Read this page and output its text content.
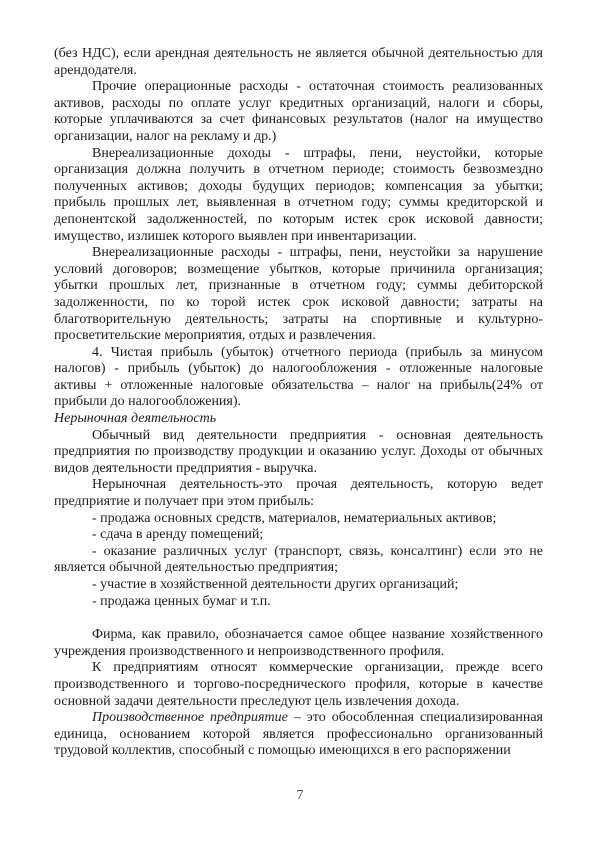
(без НДС), если арендная деятельность не является обычной деятельностью для арендодателя.

Прочие операционные расходы - остаточная стоимость реализованных активов, расходы по оплате услуг кредитных организаций, налоги и сборы, которые уплачиваются за счет финансовых результатов (налог на имущество организации, налог на рекламу и др.)

Внереализационные доходы - штрафы, пени, неустойки, которые организация должна получить в отчетном периоде; стоимость безвозмездно полученных активов; доходы будущих периодов; компенсация за убытки; прибыль прошлых лет, выявленная в отчетном году; суммы кредиторской и депонентской задолженностей, по которым истек срок исковой давности; имущество, излишек которого выявлен при инвентаризации.

Внереализационные расходы - штрафы, пени, неустойки за нарушение условий договоров; возмещение убытков, которые причинила организация; убытки прошлых лет, признанные в отчетном году; суммы дебиторской задолженности, по ко торой истек срок исковой давности; затраты на благотворительную деятельность; затраты на спортивные и культурно-просветительские мероприятия, отдых и развлечения.

4. Чистая прибыль (убыток) отчетного периода (прибыль за минусом налогов) - прибыль (убыток) до налогообложения - отложенные налоговые активы + отложенные налоговые обязательства – налог на прибыль(24% от прибыли до налогообложения).

Нерыночная деятельность

Обычный вид деятельности предприятия - основная деятельность предприятия по производству продукции и оказанию услуг. Доходы от обычных видов деятельности предприятия - выручка.

Нерыночная деятельность-это прочая деятельность, которую ведет предприятие и получает при этом прибыль:

- продажа основных средств, материалов, нематериальных активов;

- сдача в аренду помещений;

- оказание различных услуг (транспорт, связь, консалтинг) если это не является обычной деятельностью предприятия;

- участие в хозяйственной деятельности других организаций;

- продажа ценных бумаг и т.п.

Фирма, как правило, обозначается самое общее название хозяйственного учреждения производственного и непроизводственного профиля.

К предприятиям относят коммерческие организации, прежде всего производственного и торгово-посреднического профиля, которые в качестве основной задачи деятельности преследуют цель извлечения дохода.

Производственное предприятие – это обособленная специализированная единица, основанием которой является профессионально организованный трудовой коллектив, способный с помощью имеющихся в его распоряжении

7
